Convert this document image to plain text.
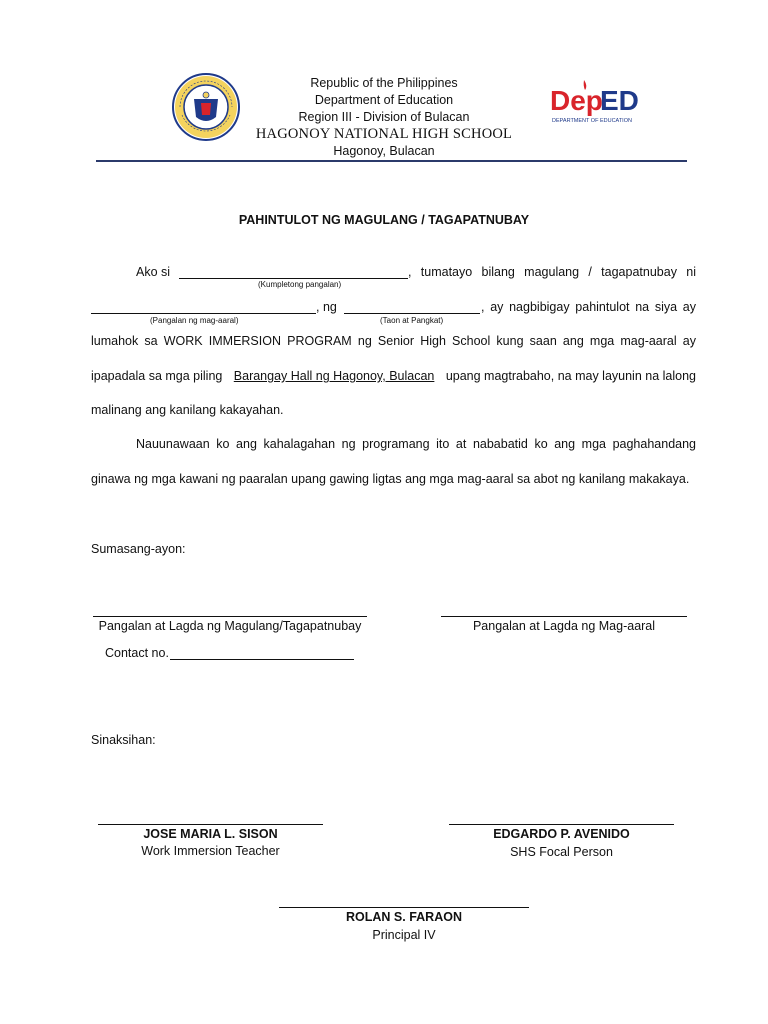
Republic of the Philippines
Department of Education
Region III - Division of Bulacan
HAGONOY NATIONAL HIGH SCHOOL
Hagonoy, Bulacan
Dep
ED
DEPARTMENT OF EDUCATION
PAHINTULOT NG MAGULANG / TAGAPATNUBAY
Ako si
(Kumpletong pangalan)
, tumatayo bilang magulang / tagapatnubay ni
(Pangalan ng mag-aaral)
, ng
(Taon at Pangkat)
, ay nagbibigay pahintulot na siya ay
lumahok sa WORK IMMERSION PROGRAM ng Senior High School kung saan ang mga mag-aaral ay
ipapadala sa mga piling Barangay Hall ng Hagonoy, Bulacan upang magtrabaho, na may layunin na lalong
malinang ang kanilang kakayahan.
Nauunawaan ko ang kahalagahan ng programang ito at nababatid ko ang mga paghahandang
ginawa ng mga kawani ng paaralan upang gawing ligtas ang mga mag-aaral sa abot ng kanilang makakaya.
Sumasang-ayon:
Pangalan at Lagda ng Magulang/Tagapatnubay	Pangalan at Lagda ng Mag-aaral
Contact no.
Sinaksihan:
JOSE MARIA L. SISON
Work Immersion Teacher
EDGARDO P. AVENIDO
SHS Focal Person
ROLAN S. FARAON
Principal IV
